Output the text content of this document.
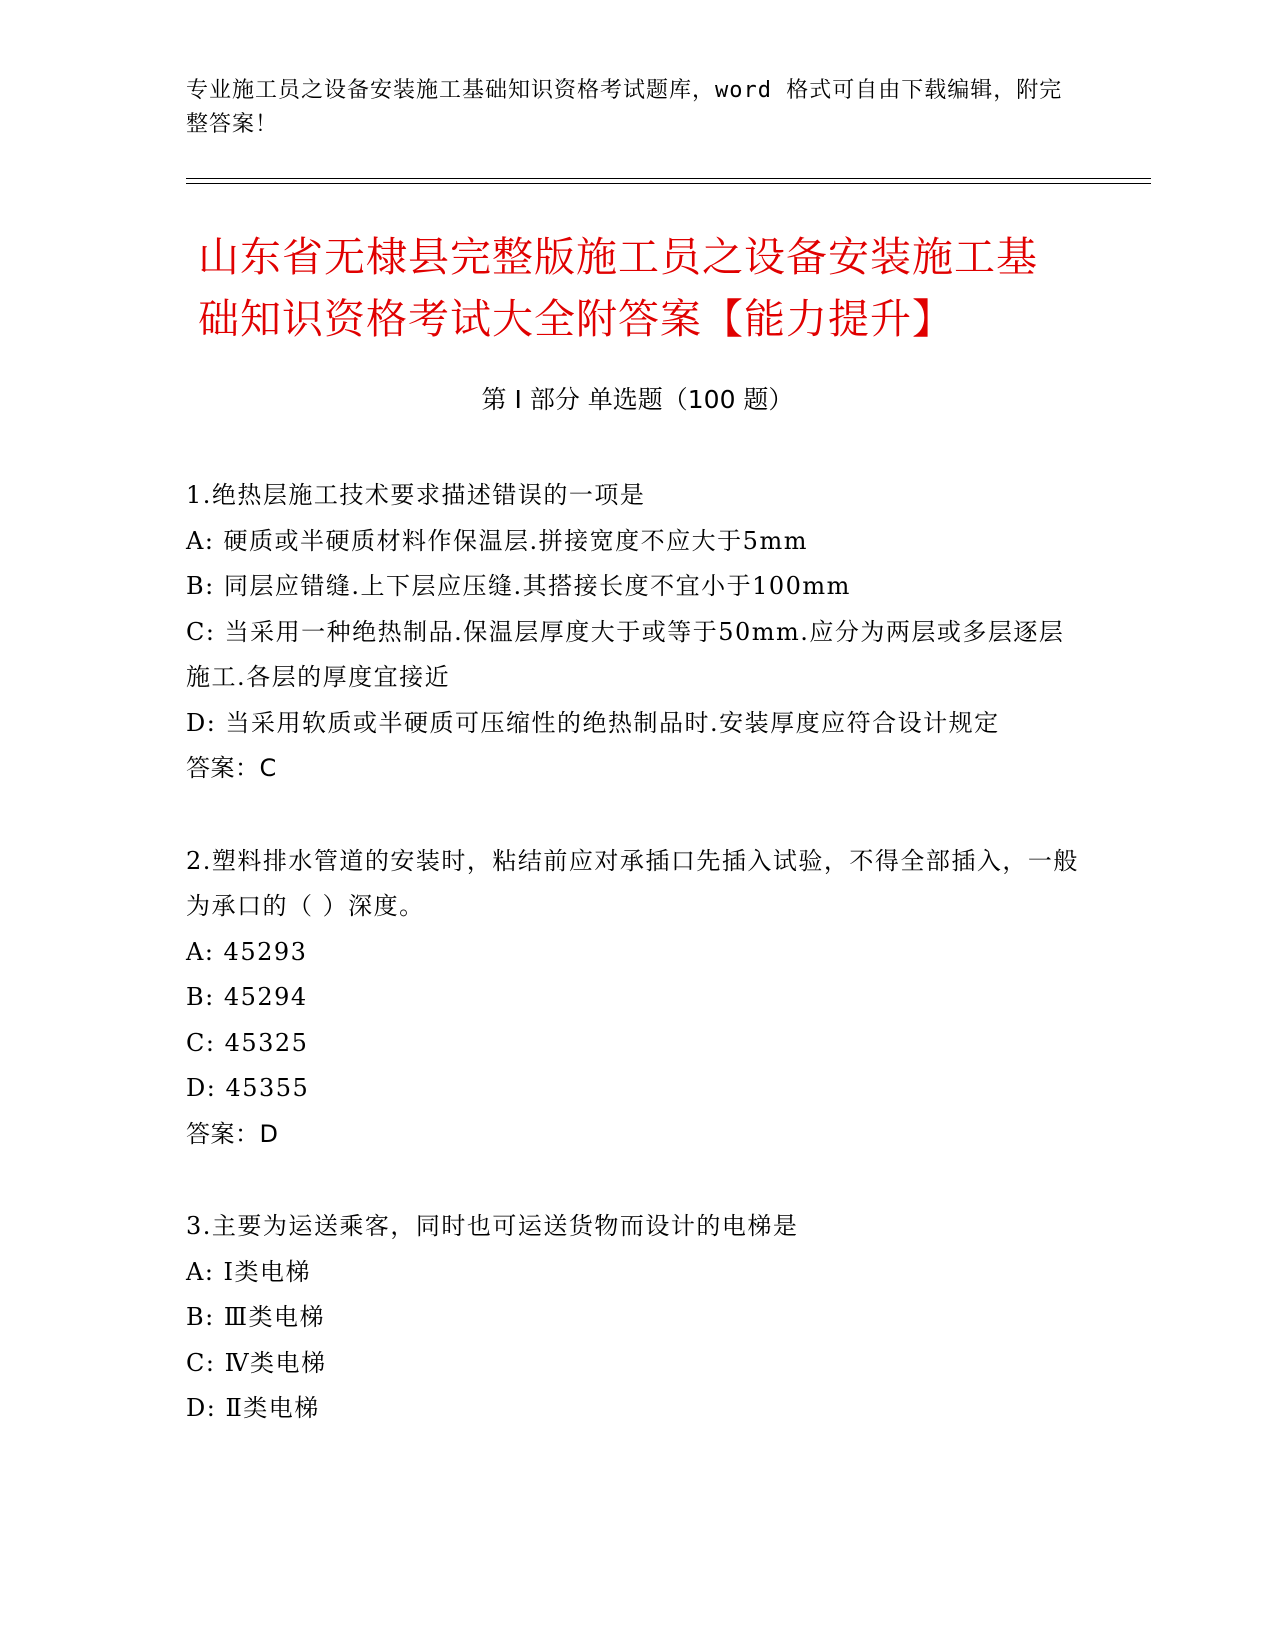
专业施工员之设备安装施工基础知识资格考试题库，word 格式可自由下载编辑，附完整答案！
山东省无棣县完整版施工员之设备安装施工基础知识资格考试大全附答案【能力提升】
第 I 部分 单选题（100 题）
1.绝热层施工技术要求描述错误的一项是
A: 硬质或半硬质材料作保温层.拼接宽度不应大于5mm
B: 同层应错缝.上下层应压缝.其搭接长度不宜小于100mm
C: 当采用一种绝热制品.保温层厚度大于或等于50mm.应分为两层或多层逐层施工.各层的厚度宜接近
D: 当采用软质或半硬质可压缩性的绝热制品时.安装厚度应符合设计规定
答案：C
2.塑料排水管道的安装时，粘结前应对承插口先插入试验，不得全部插入，一般为承口的（ ）深度。
A: 45293
B: 45294
C: 45325
D: 45355
答案：D
3.主要为运送乘客，同时也可运送货物而设计的电梯是
A: Ⅰ类电梯
B: Ⅲ类电梯
C: Ⅳ类电梯
D: Ⅱ类电梯
